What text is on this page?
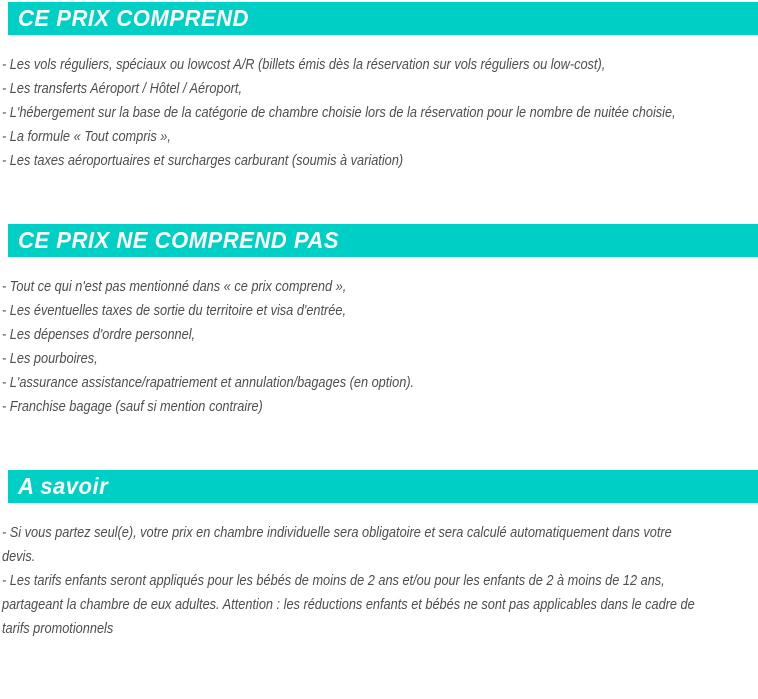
CE PRIX COMPREND
- Les vols réguliers, spéciaux ou lowcost A/R (billets émis dès la réservation sur vols réguliers ou low-cost),
- Les transferts Aéroport / Hôtel / Aéroport,
- L'hébergement sur la base de la catégorie de chambre choisie lors de la réservation pour le nombre de nuitée choisie,
- La formule « Tout compris »,
- Les taxes aéroportuaires et surcharges carburant (soumis à variation)
CE PRIX NE COMPREND PAS
- Tout ce qui n'est pas mentionné dans « ce prix comprend »,
- Les éventuelles taxes de sortie du territoire et visa d'entrée,
- Les dépenses d'ordre personnel,
- Les pourboires,
- L'assurance assistance/rapatriement et annulation/bagages (en option).
- Franchise bagage (sauf si mention contraire)
A savoir
- Si vous partez seul(e), votre prix en chambre individuelle sera obligatoire et sera calculé automatiquement dans votre
devis.
- Les tarifs enfants seront appliqués pour les bébés de moins de 2 ans et/ou pour les enfants de 2 à moins de 12 ans,
partageant la chambre de eux adultes. Attention : les réductions enfants et bébés ne sont pas applicables dans le cadre de
tarifs promotionnels
